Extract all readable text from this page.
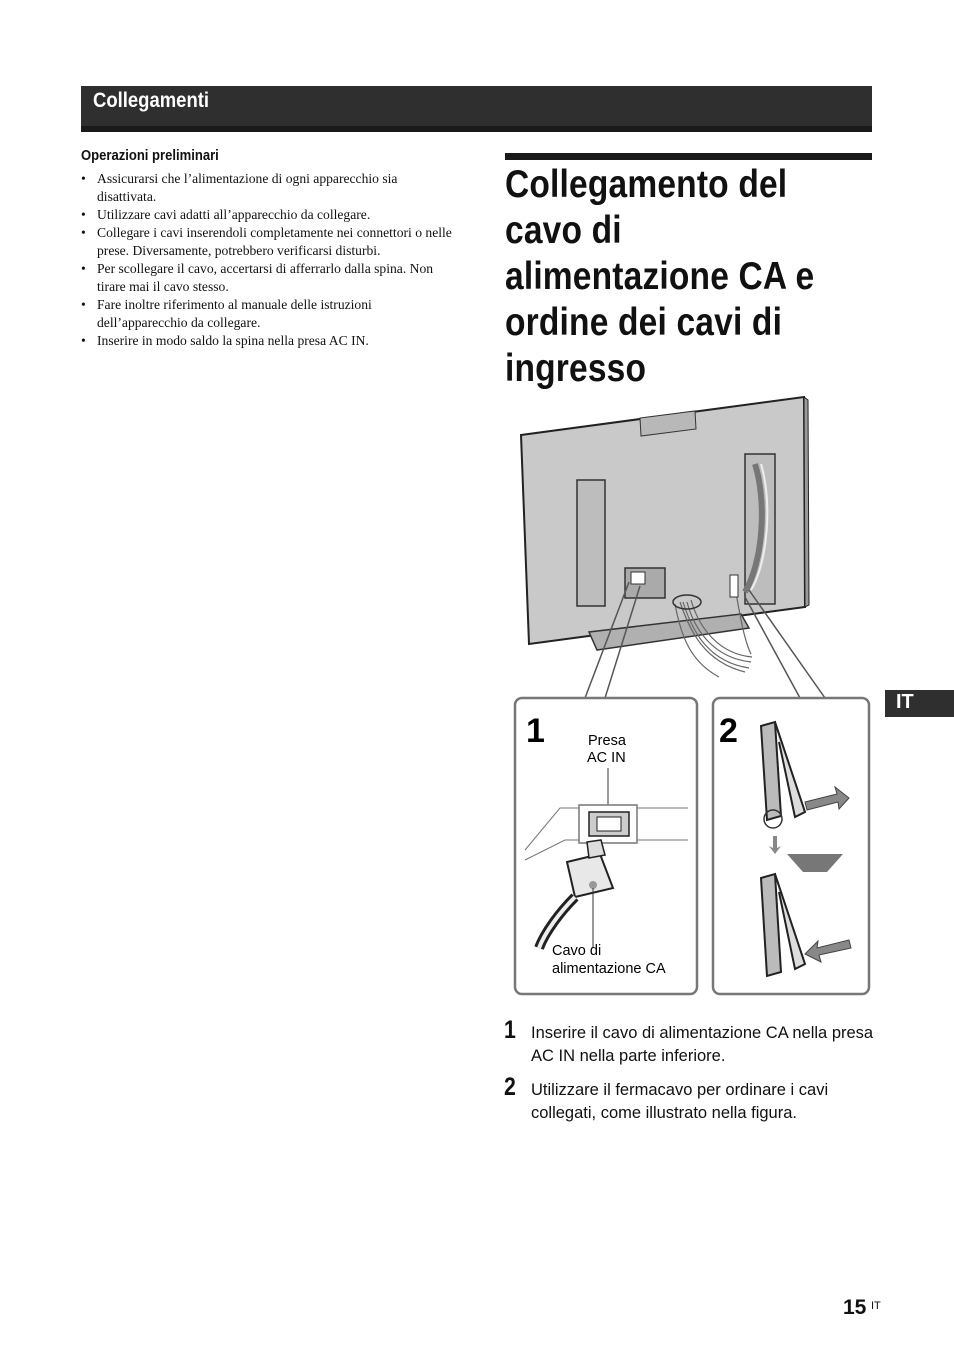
Collegamenti
Operazioni preliminari
• Assicurarsi che l’alimentazione di ogni apparecchio sia disattivata.
• Utilizzare cavi adatti all’apparecchio da collegare.
• Collegare i cavi inserendoli completamente nei connettori o nelle prese. Diversamente, potrebbero verificarsi disturbi.
• Per scollegare il cavo, accertarsi di afferrarlo dalla spina. Non tirare mai il cavo stesso.
• Fare inoltre riferimento al manuale delle istruzioni dell’apparecchio da collegare.
• Inserire in modo saldo la spina nella presa AC IN.
Collegamento del cavo di alimentazione CA e ordine dei cavi di ingresso
1	Presa
AC IN
Cavo di
alimentazione CA
2
1 Inserire il cavo di alimentazione CA nella presa AC IN nella parte inferiore.
2 Utilizzare il fermacavo per ordinare i cavi collegati, come illustrato nella figura.
IT
15 IT
